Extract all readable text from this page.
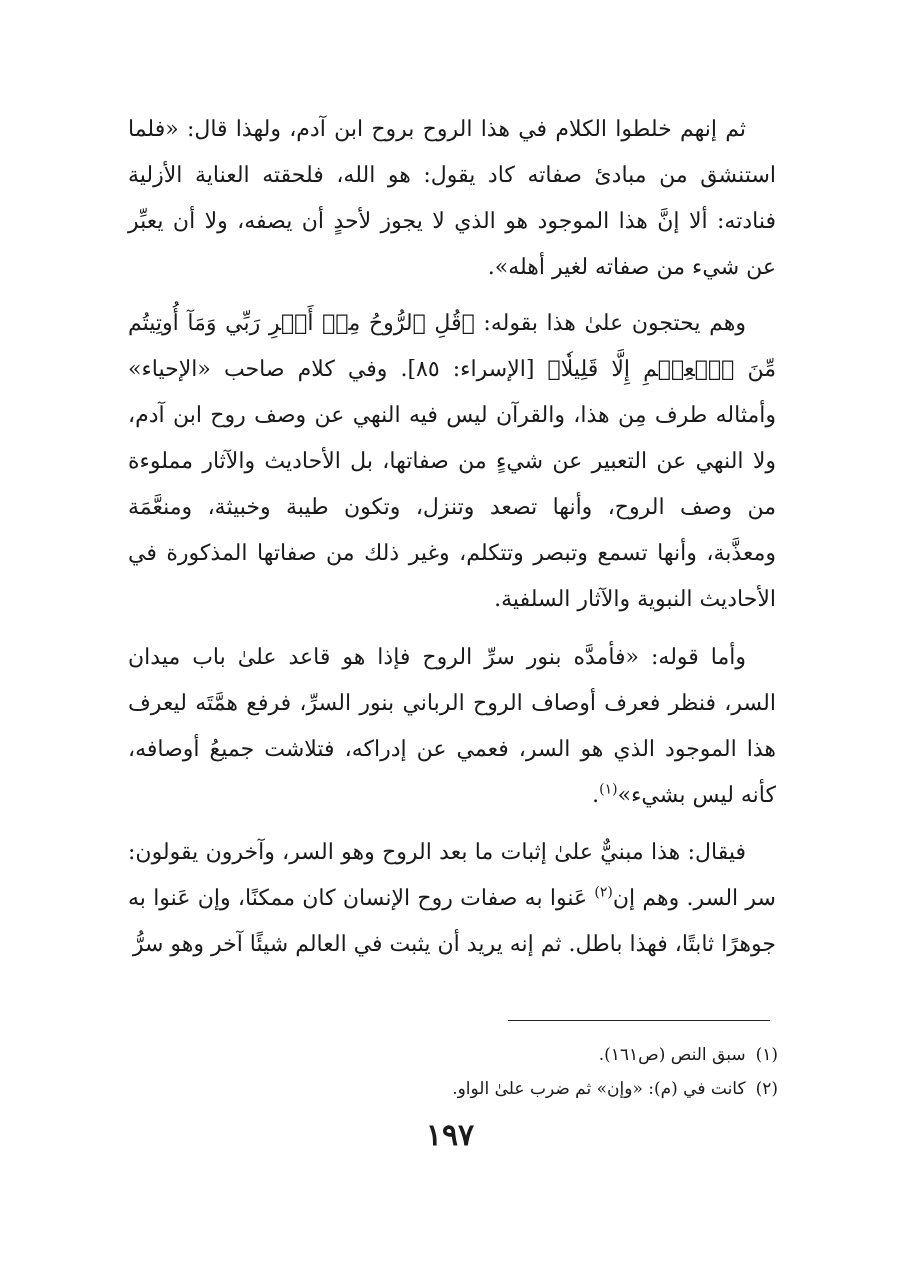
ثم إنهم خلطوا الكلام في هذا الروح بروح ابن آدم، ولهذا قال: «فلما استنشق من مبادئ صفاته كاد يقول: هو الله، فلحقته العناية الأزلية فنادته: ألا إنَّ هذا الموجود هو الذي لا يجوز لأحدٍ أن يصفه، ولا أن يعبِّر عن شيء من صفاته لغير أهله».

وهم يحتجون علىٰ هذا بقوله: ﴿قُلِ ٱلرُّوحُ مِنۡ أَمۡرِ رَبِّي وَمَآ أُوتِيتُم مِّنَ ٱلۡعِلۡمِ إِلَّا قَلِيلٗا﴾ [الإسراء: ٨٥]. وفي كلام صاحب «الإحياء» وأمثاله طرف مِن هذا، والقرآن ليس فيه النهي عن وصف روح ابن آدم، ولا النهي عن التعبير عن شيءٍ من صفاتها، بل الأحاديث والآثار مملوءة من وصف الروح، وأنها تصعد وتنزل، وتكون طيبة وخبيثة، ومنعَّمَة ومعذَّبة، وأنها تسمع وتبصر وتتكلم، وغير ذلك من صفاتها المذكورة في الأحاديث النبوية والآثار السلفية.

وأما قوله: «فأمدَّه بنور سرِّ الروح فإذا هو قاعد علىٰ باب ميدان السر، فنظر فعرف أوصاف الروح الرباني بنور السرِّ، فرفع همَّتَه ليعرف هذا الموجود الذي هو السر، فعمي عن إدراكه، فتلاشت جميعُ أوصافه، كأنه ليس بشيء»$^{(١)}$.

فيقال: هذا مبنيٌّ علىٰ إثبات ما بعد الروح وهو السر، وآخرون يقولون: سر السر. وهم إن$^{(٢)}$ عَنوا به صفات روح الإنسان كان ممكنًا، وإن عَنوا به جوهرًا ثابتًا، فهذا باطل. ثم إنه يريد أن يثبت في العالم شيئًا آخر وهو سرُّ

(١)
سبق النص (ص١٦١).
(٢)
كانت في (م): «وإن» ثم ضرب علىٰ الواو.
١٩٧
